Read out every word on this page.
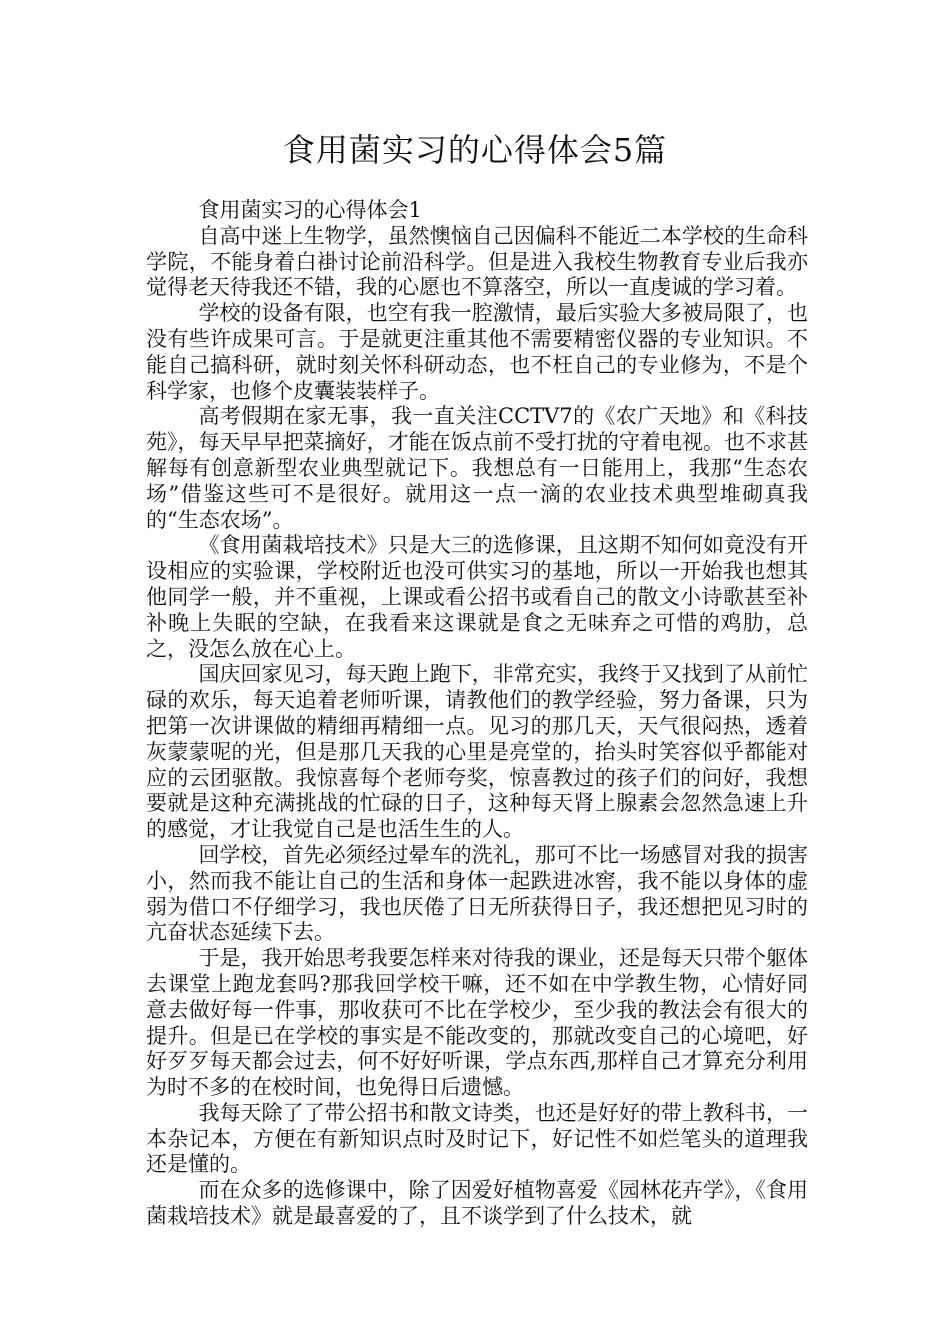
食用菌实习的心得体会5篇

食用菌实习的心得体会1

自高中迷上生物学，虽然懊恼自己因偏科不能近二本学校的生命科学院，不能身着白褂讨论前沿科学。但是进入我校生物教育专业后我亦觉得老天待我还不错，我的心愿也不算落空，所以一直虔诚的学习着。

学校的设备有限，也空有我一腔激情，最后实验大多被局限了，也没有些许成果可言。于是就更注重其他不需要精密仪器的专业知识。不能自己搞科研，就时刻关怀科研动态，也不枉自己的专业修为，不是个科学家，也修个皮囊装装样子。

高考假期在家无事，我一直关注CCTV7的《农广天地》和《科技苑》，每天早早把菜摘好，才能在饭点前不受打扰的守着电视。也不求甚解每有创意新型农业典型就记下。我想总有一日能用上，我那“生态农场”借鉴这些可不是很好。就用这一点一滴的农业技术典型堆砌真我的“生态农场”。

《食用菌栽培技术》只是大三的选修课，且这期不知何如竟没有开设相应的实验课，学校附近也没可供实习的基地，所以一开始我也想其他同学一般，并不重视，上课或看公招书或看自己的散文小诗歌甚至补补晚上失眠的空缺，在我看来这课就是食之无味弃之可惜的鸡肋，总之，没怎么放在心上。

国庆回家见习，每天跑上跑下，非常充实，我终于又找到了从前忙碌的欢乐，每天追着老师听课，请教他们的教学经验，努力备课，只为把第一次讲课做的精细再精细一点。见习的那几天，天气很闷热，透着灰蒙蒙呢的光，但是那几天我的心里是亮堂的，抬头时笑容似乎都能对应的云团驱散。我惊喜每个老师夸奖，惊喜教过的孩子们的问好，我想要就是这种充满挑战的忙碌的日子，这种每天肾上腺素会忽然急速上升的感觉，才让我觉自己是也活生生的人。

回学校，首先必须经过晕车的洗礼，那可不比一场感冒对我的损害小，然而我不能让自己的生活和身体一起跌进冰窖，我不能以身体的虚弱为借口不仔细学习，我也厌倦了日无所获得日子，我还想把见习时的亢奋状态延续下去。

于是，我开始思考我要怎样来对待我的课业，还是每天只带个躯体去课堂上跑龙套吗?那我回学校干嘛，还不如在中学教生物，心情好同意去做好每一件事，那收获可不比在学校少，至少我的教法会有很大的提升。但是已在学校的事实是不能改变的，那就改变自己的心境吧，好好歹歹每天都会过去，何不好好听课，学点东西,那样自己才算充分利用为时不多的在校时间，也免得日后遗憾。

我每天除了了带公招书和散文诗类，也还是好好的带上教科书，一本杂记本，方便在有新知识点时及时记下，好记性不如烂笔头的道理我还是懂的。

而在众多的选修课中，除了因爱好植物喜爱《园林花卉学》，《食用菌栽培技术》就是最喜爱的了，且不谈学到了什么技术，就
